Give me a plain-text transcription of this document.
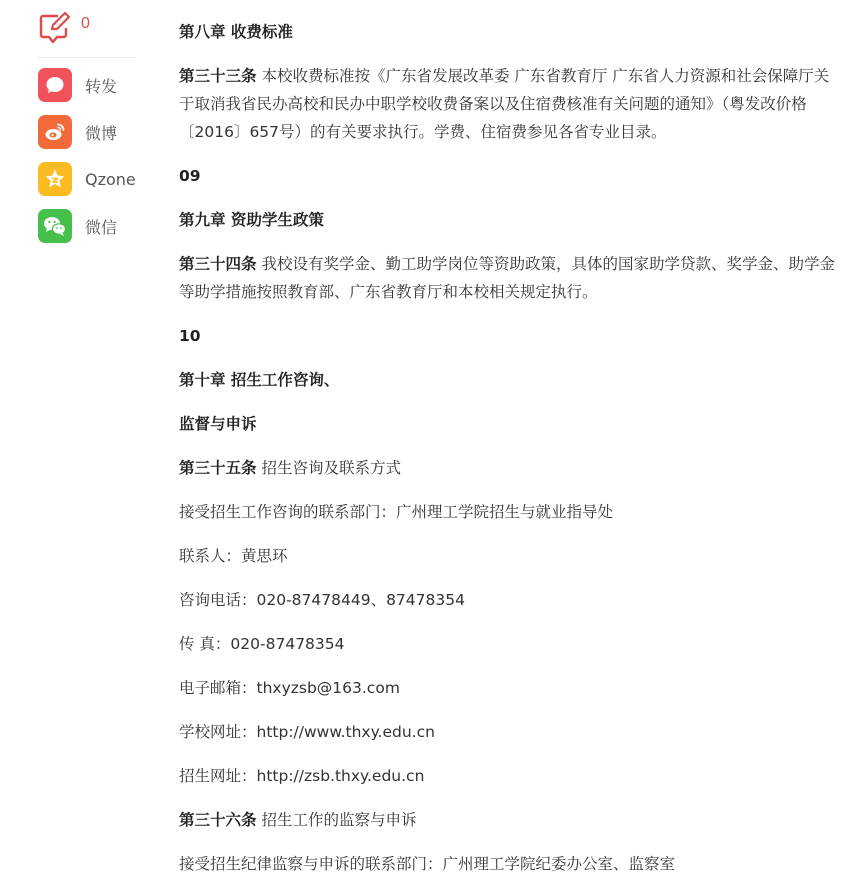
0
转发
微博
Qzone
微信

第八章 收费标准

第三十三条 本校收费标准按《广东省发展改革委 广东省教育厅 广东省人力资源和社会保障厅关于取消我省民办高校和民办中职学校收费备案以及住宿费核准有关问题的通知》（粤发改价格〔2016〕657号）的有关要求执行。学费、住宿费参见各省专业目录。

09

第九章 资助学生政策

第三十四条 我校设有奖学金、勤工助学岗位等资助政策，具体的国家助学贷款、奖学金、助学金等助学措施按照教育部、广东省教育厅和本校相关规定执行。

10

第十章 招生工作咨询、

监督与申诉

第三十五条 招生咨询及联系方式

接受招生工作咨询的联系部门：广州理工学院招生与就业指导处

联系人：黄思环

咨询电话：020-87478449、87478354

传 真：020-87478354

电子邮箱：thxyzsb@163.com

学校网址：http://www.thxy.edu.cn

招生网址：http://zsb.thxy.edu.cn

第三十六条 招生工作的监察与申诉

接受招生纪律监察与申诉的联系部门：广州理工学院纪委办公室、监察室
